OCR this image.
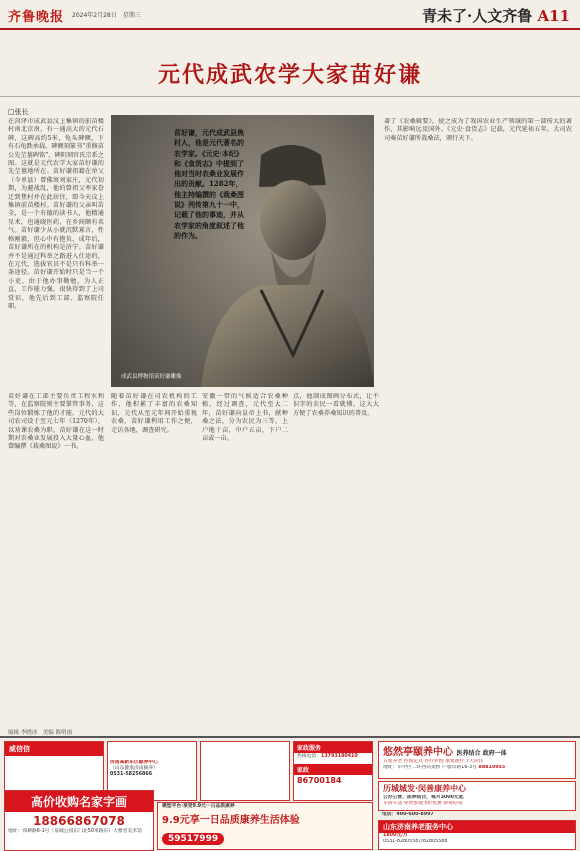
齐鲁晚报 2024年2月28日　星期三	青未了·人文齐鲁 A11
元代成武农学大家苗好谦
□张长
在菏泽市成武县汶上集镇的前苗楼村南北京南，有一通高大的元代石碑，这碑高约5米，龟头碑额，下有石龟跌承载。碑额刻篆书“重修苗公先茔墓碑铭”，碑阴刻官氏宗系之图。这就是元代农学大家苗好谦的先茔墓地所在。苗好谦祖籍在单父（今单县）曾佛寓刘家庄，元代初期，为避战乱，他的曾祖父率家眷迁到焦村并在此居住，即今天汶上集镇前苗楼村。苗好谦的父亲叫苗全，是一个有德的读书人，他精通星术，也通晓医药，在乡间颇有名气。苗好谦少从小就沉默寡言，性格刚毅，但心中有抱负，成年后，苗好谦所在的机构是济宁。苗好谦并不是通过科举之路进入仕途的，在元代，选拔官员不是只有科举一条途径。苗好谦开始时只是当一个小吏，由于他办事勤勉，为人正直，工作能力强，很快得到了上司赏识，他先后到工部、监察院任职。
苗好谦，元代成武县焦村人，他是元代著名的农学家。《元史·本纪》和《食货志》中提到了他对当时农桑业发展作出的贡献。1282年，他主持编撰的《栽桑图说》列传第九十一中，记载了他的事迹，并从农学家的角度叙述了他的作为。
成武县博物馆苗好谦雕像
著了《农桑辑要》，使之成为了我国农业生产领域的第一部传大的著作，其影响远及国外。《元史·食货志》记载，元代延祐五年，大司农司奏苗好谦所栽桑法，颁行天下。
苗好谦在工部主要负责工程水利等，在监察院则主要掌管事务，这些岗位锻炼了他的才能。元代的大司农司设于至元七年（1270年），以劝课农桑为职。苗好谦在这一时期对农桑业发展投入大量心血，他曾编撰《栽桑图说》一书。
随着苗好谦在司农机构的工作，他积累了丰富的农桑知识，元代从至元年间开始重视农桑，苗好谦利用工作之便，走访各地，调查研究。
安徽一带的气候适合农桑种植，经过调查，元代至大二年，苗好谦向皇帝上书，献种桑之法，分为农民为三等，上户地十亩，中户五亩，下户二亩或一亩。
点，他制成图画分布式，让不识字的农民一看就懂。这大大方便了农桑养桑知识的普及。
编辑 李晓冰　美编 陈明雨
威信信
高价收购名家字画
18866867078
地址：舜耕路6-1号（泉城公园东门北50米路东）大雅堂美术馆
家政服务
热线电话：13793180410
家政
86700184
模型平台·享受9.9元一日品质康养
9.9元享一日品质康养生活体验
59517999
悠然亭颐养中心 医养结合 政府一体
五星养老 医保定点 医疗护理 康复理疗 7天试住
地址：市中区二环西高架桥下·腊山路16-3号 88819955
历城城发·闵善康养中心
公办公营，医养结合，每月3000元起
车接车送 免费参观 5折优惠 即将结束
电话：400-600-8997
山东济南养老服务中心
1800元/月
0531-82805587/82805588
济南高新东区颐养中心
（山东健康济南颐养）
0531-58256866
